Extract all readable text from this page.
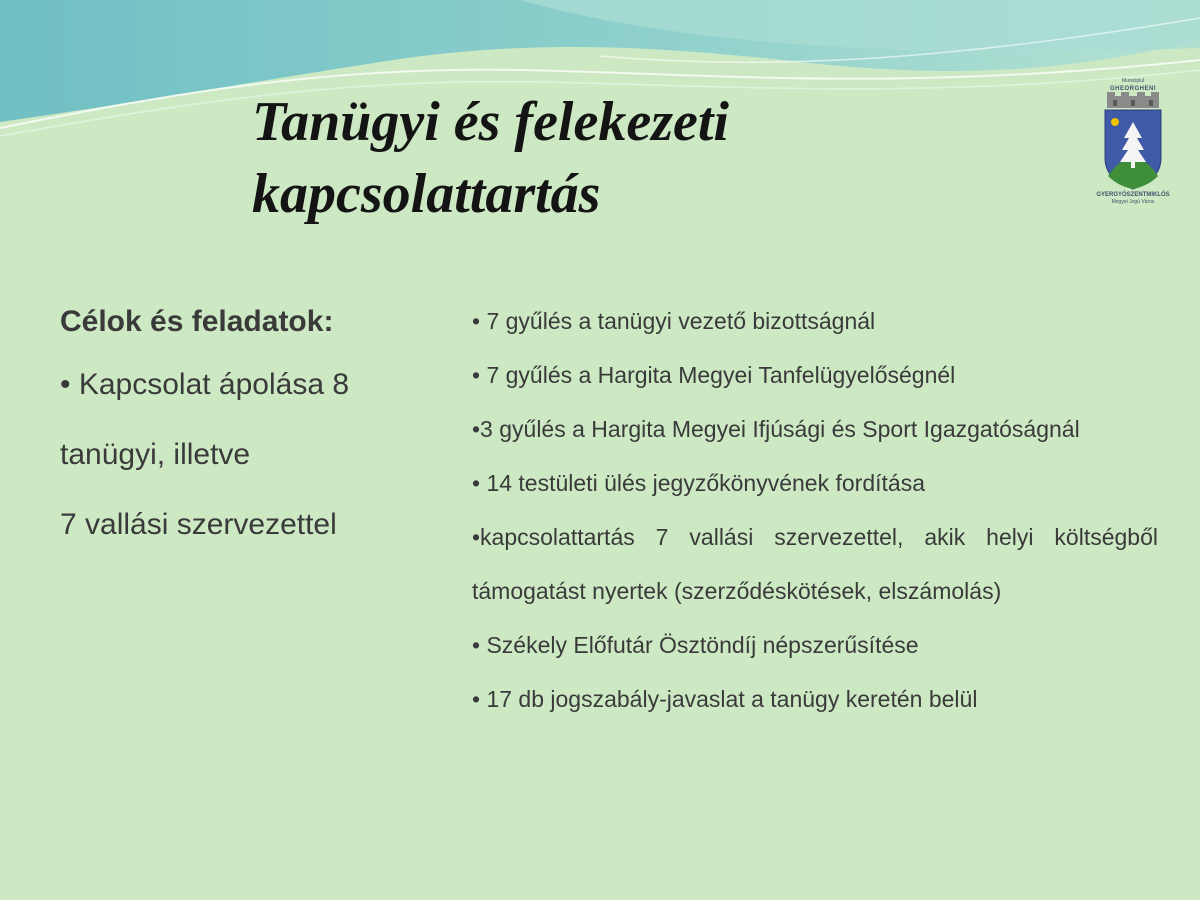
Tanügyi és felekezeti
kapcsolattartás
Municipiul
GHEORGHENI
GYERGYÓSZENTMIKLÓS
Megyei Jogú Város
Célok és feladatok:

• Kapcsolat ápolása 8
tanügyi, illetve
7 vallási szervezettel

• 7 gyűlés a tanügyi vezető bizottságnál
• 7 gyűlés a Hargita Megyei Tanfelügyelőségnél
•3 gyűlés a Hargita Megyei Ifjúsági és Sport Igazgatóságnál
• 14 testületi ülés jegyzőkönyvének fordítása
•kapcsolattartás 7 vallási szervezettel, akik helyi költségből támogatást nyertek (szerződéskötések, elszámolás)
• Székely Előfutár Ösztöndíj népszerűsítése
• 17 db jogszabály-javaslat a tanügy keretén belül
